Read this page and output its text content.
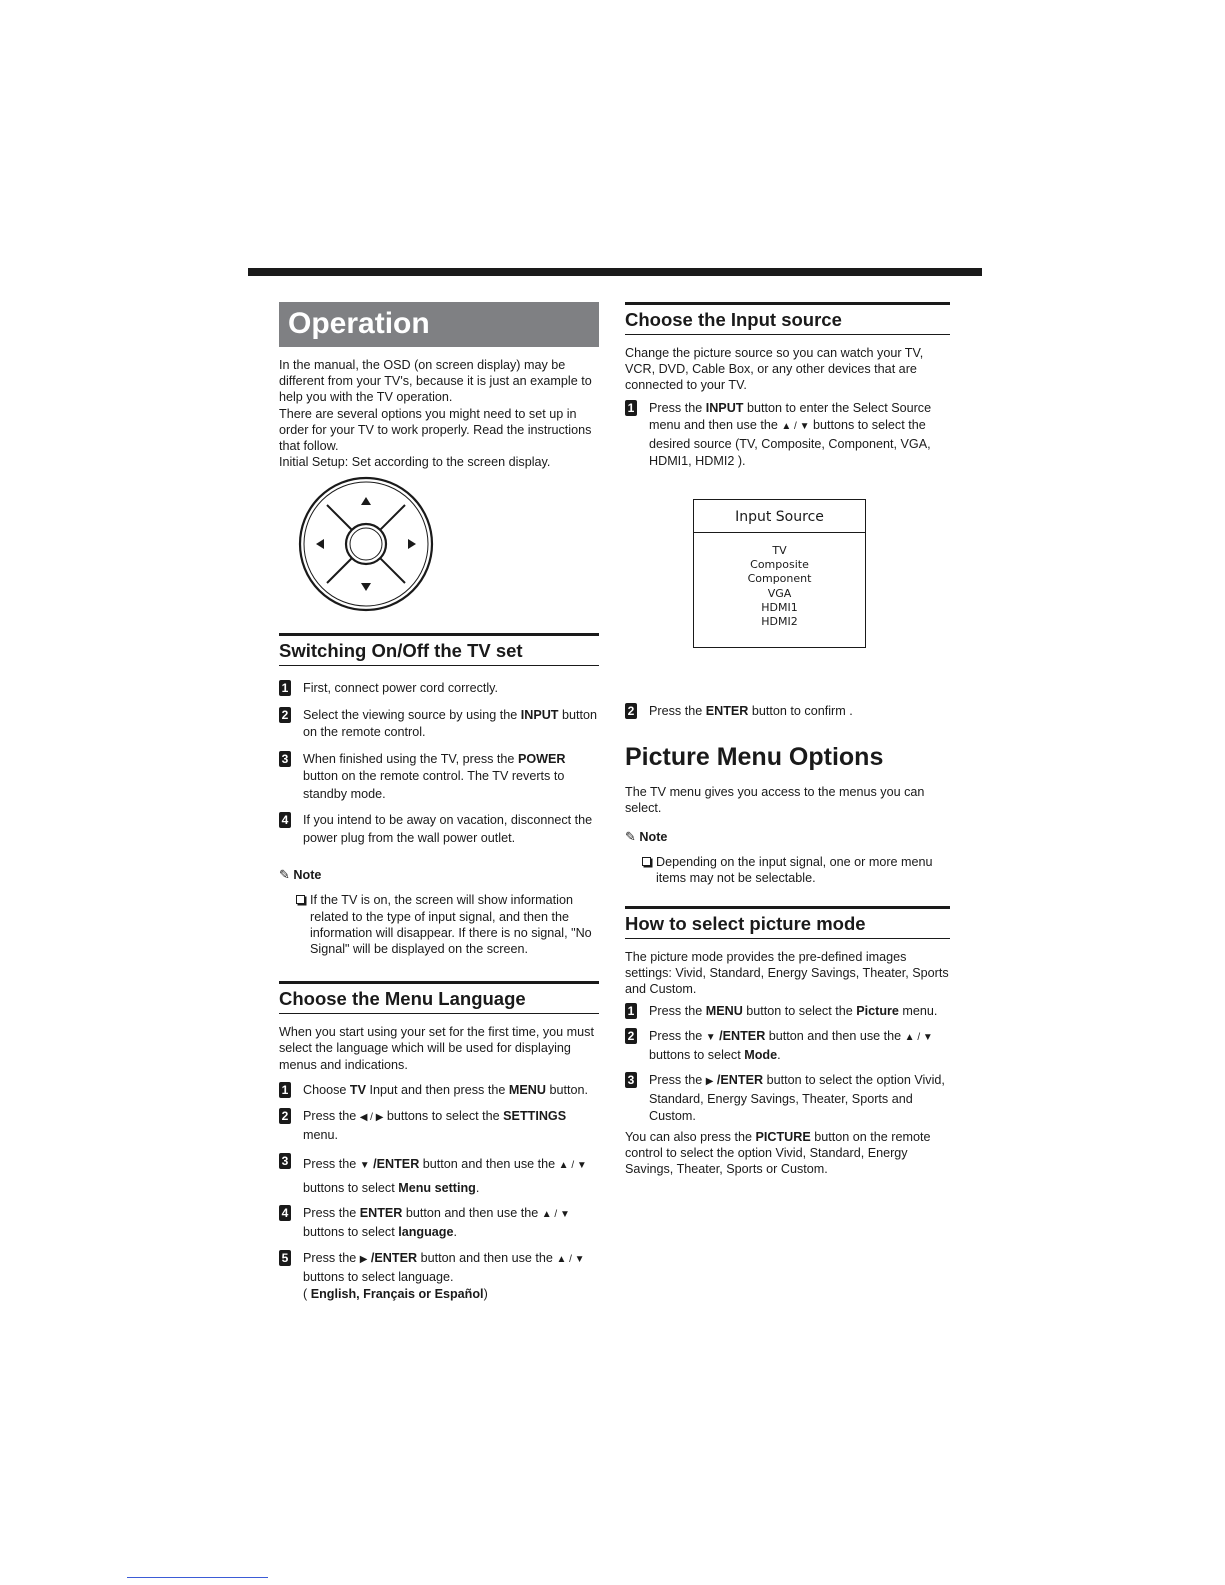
Operation

In the manual, the OSD (on screen display) may be different from your TV's, because it is just an example to help you with the TV operation.

There are several options you might need to set up in order for your TV to work properly. Read the instructions that follow.

Initial Setup: Set according to the screen display.

Switching On/Off the TV set
1 First, connect power cord correctly.
2 Select the viewing source by using the INPUT button on the remote control.
3 When finished using the TV, press the POWER button on the remote control. The TV reverts to standby mode.
4 If you intend to be away on vacation, disconnect the power plug from the wall power outlet.

✎ Note

If the TV is on, the screen will show information related to the type of input signal, and then the information will disappear. If there is no signal, "No Signal" will be displayed on the screen.

Choose the Menu Language

When you start using your set for the first time, you must select the language which will be used for displaying menus and indications.

1 Choose TV Input and then press the MENU button.
2 Press the ◀ / ▶ buttons to select the SETTINGS menu.
3 Press the ▼ /ENTER button and then use the ▲ / ▼ buttons to select Menu setting.
4 Press the ENTER button and then use the ▲ / ▼ buttons to select language.
5 Press the ▶ /ENTER button and then use the ▲ / ▼ buttons to select language.
( English, Français or Español)
Choose the Input source

Change the picture source so you can watch your TV, VCR, DVD, Cable Box, or any other devices that are connected to your TV.

1 Press the INPUT button to enter the Select Source menu and then use the ▲ / ▼ buttons to select the desired source (TV, Composite, Component, VGA, HDMI1, HDMI2 ).
2 Press the ENTER button to confirm .
Picture Menu Options

The TV menu gives you access to the menus you can select.

✎ Note

Depending on the input signal, one or more menu items may not be selectable.

How to select picture mode

The picture mode provides the pre-defined images settings: Vivid, Standard, Energy Savings, Theater, Sports and Custom.

1 Press the MENU button to select the Picture menu.
2 Press the ▼ /ENTER button and then use the ▲ / ▼ buttons to select Mode.
3 Press the ▶ /ENTER button to select the option Vivid, Standard, Energy Savings, Theater, Sports and Custom.

You can also press the PICTURE button on the remote control to select the option Vivid, Standard, Energy Savings, Theater, Sports or Custom.

Input Source
TV
Composite
Component
VGA
HDMI1
HDMI2
